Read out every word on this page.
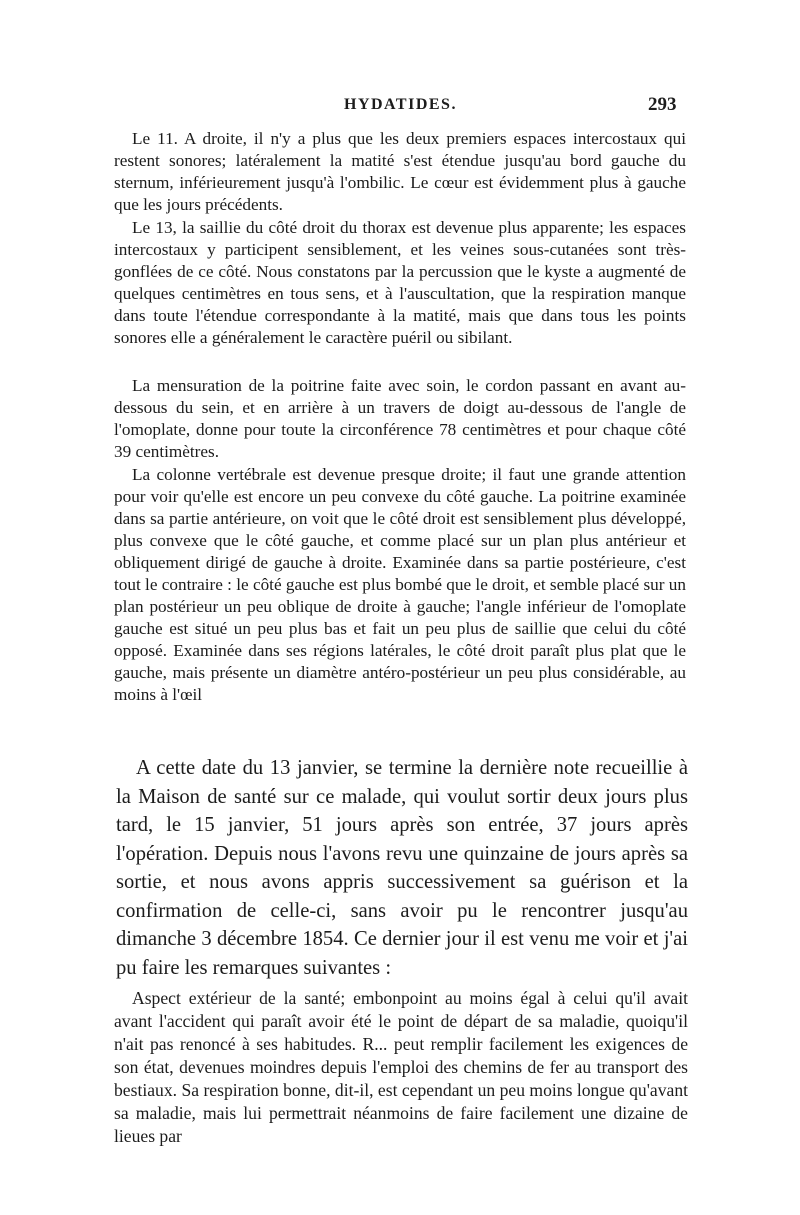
HYDATIDES.	293

Le 11. A droite, il n'y a plus que les deux premiers espaces intercostaux qui restent sonores; latéralement la matité s'est étendue jusqu'au bord gauche du sternum, inférieurement jusqu'à l'ombilic. Le cœur est évidemment plus à gauche que les jours précédents.

Le 13, la saillie du côté droit du thorax est devenue plus apparente; les espaces intercostaux y participent sensiblement, et les veines sous-cutanées sont très-gonflées de ce côté. Nous constatons par la percussion que le kyste a augmenté de quelques centimètres en tous sens, et à l'auscultation, que la respiration manque dans toute l'étendue correspondante à la matité, mais que dans tous les points sonores elle a généralement le caractère puéril ou sibilant.

La mensuration de la poitrine faite avec soin, le cordon passant en avant au-dessous du sein, et en arrière à un travers de doigt au-dessous de l'angle de l'omoplate, donne pour toute la circonférence 78 centimètres et pour chaque côté 39 centimètres.

La colonne vertébrale est devenue presque droite; il faut une grande attention pour voir qu'elle est encore un peu convexe du côté gauche. La poitrine examinée dans sa partie antérieure, on voit que le côté droit est sensiblement plus développé, plus convexe que le côté gauche, et comme placé sur un plan plus antérieur et obliquement dirigé de gauche à droite. Examinée dans sa partie postérieure, c'est tout le contraire : le côté gauche est plus bombé que le droit, et semble placé sur un plan postérieur un peu oblique de droite à gauche; l'angle inférieur de l'omoplate gauche est situé un peu plus bas et fait un peu plus de saillie que celui du côté opposé. Examinée dans ses régions latérales, le côté droit paraît plus plat que le gauche, mais présente un diamètre antéro-postérieur un peu plus considérable, au moins à l'œil

A cette date du 13 janvier, se termine la dernière note recueillie à la Maison de santé sur ce malade, qui voulut sortir deux jours plus tard, le 15 janvier, 51 jours après son entrée, 37 jours après l'opération. Depuis nous l'avons revu une quinzaine de jours après sa sortie, et nous avons appris successivement sa guérison et la confirmation de celle-ci, sans avoir pu le rencontrer jusqu'au dimanche 3 décembre 1854. Ce dernier jour il est venu me voir et j'ai pu faire les remarques suivantes :

Aspect extérieur de la santé; embonpoint au moins égal à celui qu'il avait avant l'accident qui paraît avoir été le point de départ de sa maladie, quoiqu'il n'ait pas renoncé à ses habitudes. R... peut remplir facilement les exigences de son état, devenues moindres depuis l'emploi des chemins de fer au transport des bestiaux. Sa respiration bonne, dit-il, est cependant un peu moins longue qu'avant sa maladie, mais lui permettrait néanmoins de faire facilement une dizaine de lieues par
